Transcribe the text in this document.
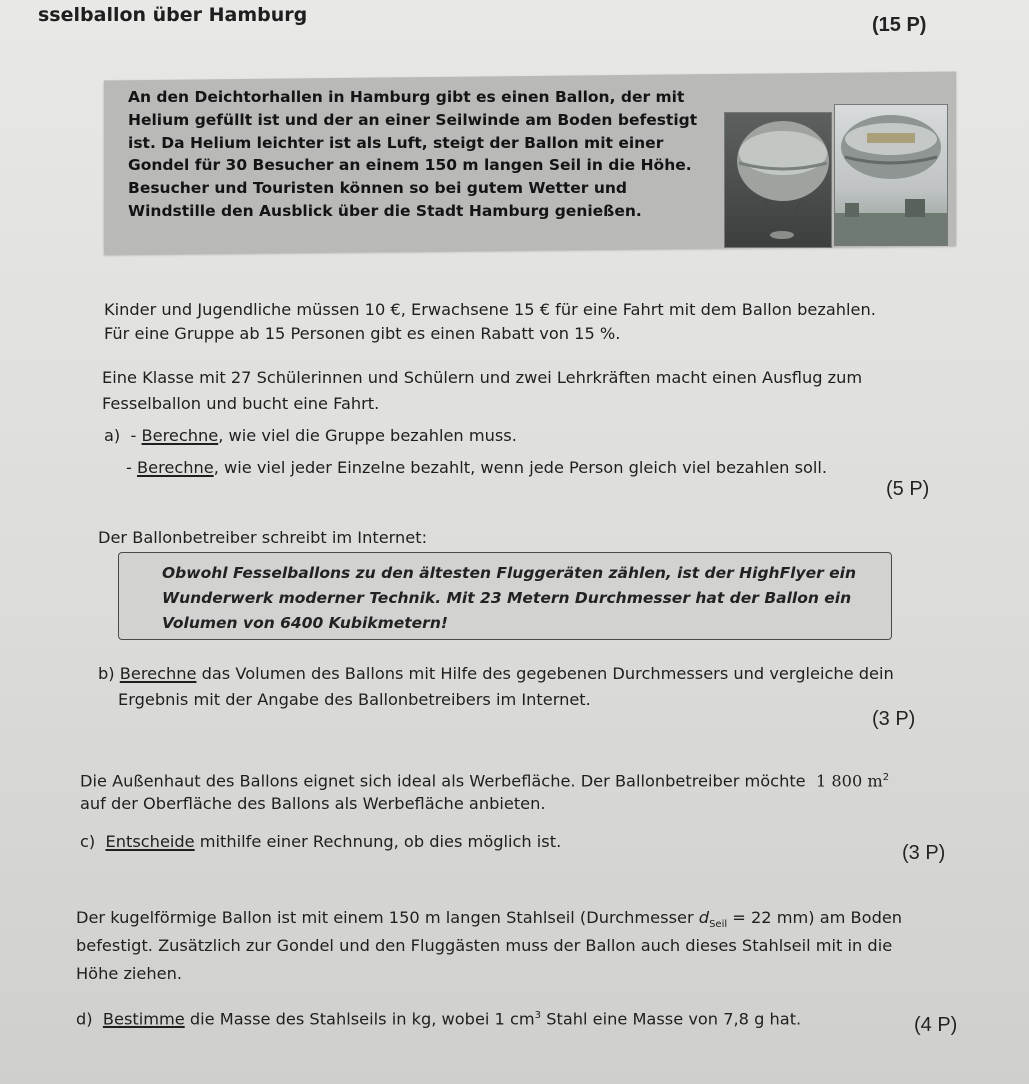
sselballon über Hamburg	(15 P)
An den Deichtorhallen in Hamburg gibt es einen Ballon, der mit Helium gefüllt ist und der an einer Seilwinde am Boden befestigt ist. Da Helium leichter ist als Luft, steigt der Ballon mit einer Gondel für 30 Besucher an einem 150 m langen Seil in die Höhe. Besucher und Touristen können so bei gutem Wetter und Windstille den Ausblick über die Stadt Hamburg genießen.
Kinder und Jugendliche müssen 10 €, Erwachsene 15 € für eine Fahrt mit dem Ballon bezahlen.
Für eine Gruppe ab 15 Personen gibt es einen Rabatt von 15 %.
Eine Klasse mit 27 Schülerinnen und Schülern und zwei Lehrkräften macht einen Ausflug zum
Fesselballon und bucht eine Fahrt.
a) - Berechne, wie viel die Gruppe bezahlen muss.
- Berechne, wie viel jeder Einzelne bezahlt, wenn jede Person gleich viel bezahlen soll.
(5 P)
Der Ballonbetreiber schreibt im Internet:
Obwohl Fesselballons zu den ältesten Fluggeräten zählen, ist der HighFlyer ein Wunderwerk moderner Technik. Mit 23 Metern Durchmesser hat der Ballon ein Volumen von 6400 Kubikmetern!
b) Berechne das Volumen des Ballons mit Hilfe des gegebenen Durchmessers und vergleiche dein
Ergebnis mit der Angabe des Ballonbetreibers im Internet.
(3 P)
Die Außenhaut des Ballons eignet sich ideal als Werbefläche. Der Ballonbetreiber möchte 1 800 $m^2$
auf der Oberfläche des Ballons als Werbefläche anbieten.
c) Entscheide mithilfe einer Rechnung, ob dies möglich ist.
(3 P)
Der kugelförmige Ballon ist mit einem 150 m langen Stahlseil (Durchmesser $d_{Seil} = 22$ mm) am Boden
befestigt. Zusätzlich zur Gondel und den Fluggästen muss der Ballon auch dieses Stahlseil mit in die
Höhe ziehen.
d) Bestimme die Masse des Stahlseils in kg, wobei 1 $cm^3$ Stahl eine Masse von 7,8 g hat.	(4 P)
